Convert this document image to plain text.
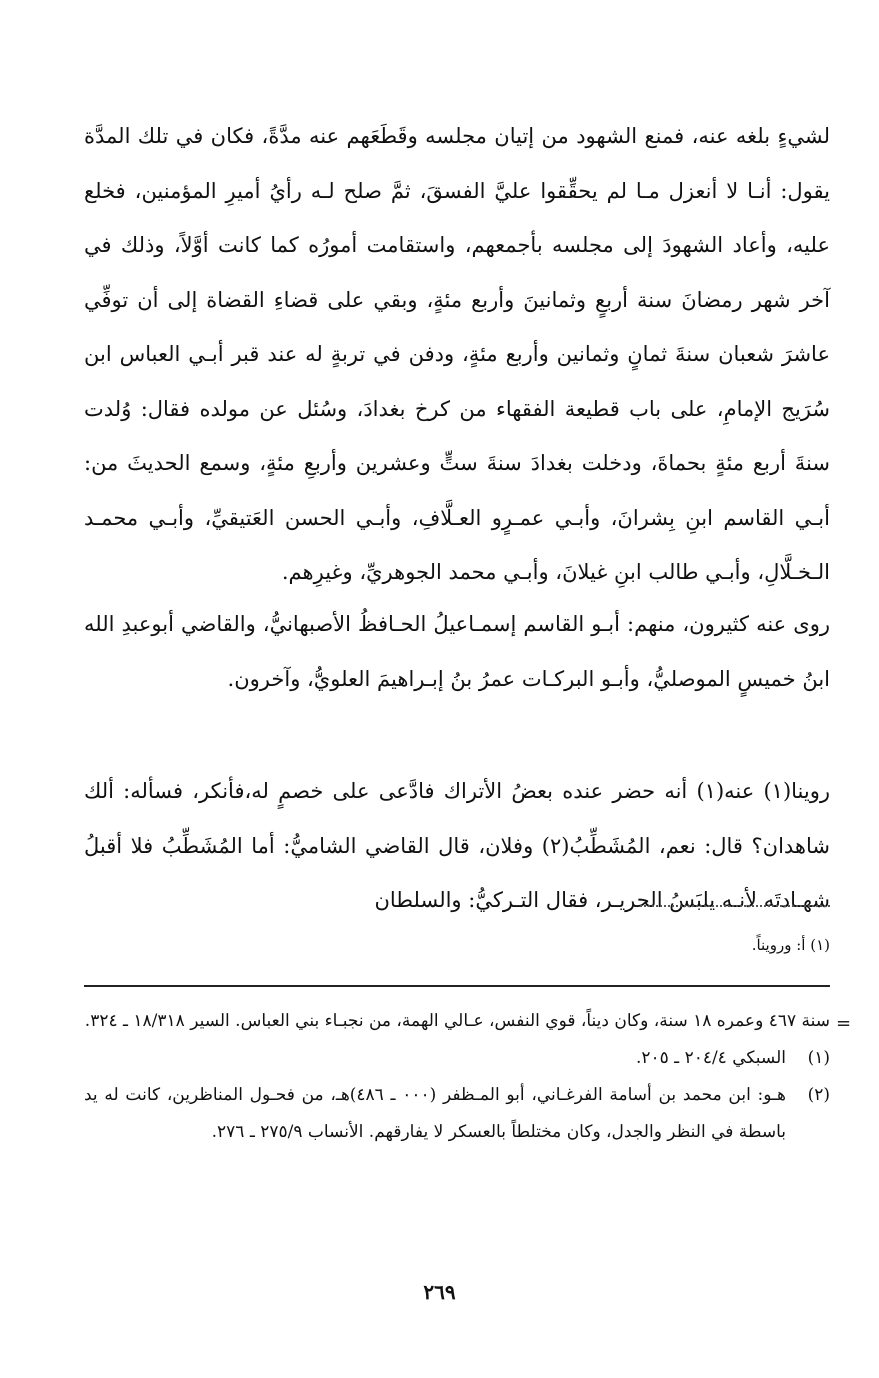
لشيءٍ بلغه عنه، فمنع الشهود من إتيان مجلسه وقَطَعَهم عنه مدَّةً، فكان في تلك المدَّة يقول: أنـا لا أنعزل مـا لم يحقِّقوا عليَّ الفسقَ، ثمَّ صلح لـه رأيُ أميرِ المؤمنين، فخلع عليه، وأعاد الشهودَ إلى مجلسه بأجمعهم، واستقامت أمورُه كما كانت أوَّلاً، وذلك في آخر شهر رمضانَ سنة أربعٍ وثمانينَ وأربع مئةٍ، وبقي على قضاءِ القضاة إلى أن توفِّي عاشرَ شعبان سنةَ ثمانٍ وثمانين وأربع مئةٍ، ودفن في تربةٍ له عند قبر أبـي العباس ابن سُرَيج الإمامِ، على باب قطيعة الفقهاء من كرخ بغدادَ، وسُئل عن مولده فقال: وُلدت سنةَ أربع مئةٍ بحماةَ، ودخلت بغدادَ سنةَ ستٍّ وعشرين وأربعِ مئةٍ، وسمع الحديثَ من: أبـي القاسم ابنِ بِشرانَ، وأبـي عمـرٍو العـلَّافِ، وأبـي الحسن العَتيقيِّ، وأبـي محمـد الـخـلَّالِ، وأبـي طالب ابنِ غيلانَ، وأبـي محمد الجوهريِّ، وغيرِهم.

روى عنه كثيرون، منهم: أبـو القاسم إسمـاعيلُ الحـافظُ الأصبهانيُّ، والقاضي أبوعبدِ الله ابنُ خميسٍ الموصليُّ، وأبـو البركـات عمرُ بنُ إبـراهيمَ العلويُّ، وآخرون.

روينا(١) عنه(١) أنه حضر عنده بعضُ الأتراك فادَّعى على خصمٍ له،فأنكر، فسأله: ألك شاهدان؟ قال: نعم، المُشَطِّبُ(٢) وفلان، قال القاضي الشاميُّ: أما المُشَطِّبُ فلا أقبلُ شهـادتَه لأنـه يلبَسُ الحريـر، فقال التـركيُّ: والسلطان

(١) أ: ورويناً.
=
سنة ٤٦٧ وعمره ١٨ سنة، وكان ديناً، قوي النفس، عـالي الهمة، من نجبـاء بني العباس. السير ١٨/٣١٨ ـ ٣٢٤.
(١)
السبكي ٢٠٤/٤ ـ ٢٠٥.
(٢)
هـو: ابن محمد بن أسامة الفرغـاني، أبو المـظفر (٠٠٠ ـ ٤٨٦)هـ، من فحـول المناظرين، كانت له يد باسطة في النظر والجدل، وكان مختلطاً بالعسكر لا يفارقهم. الأنساب ٢٧٥/٩ ـ ٢٧٦.
٢٦٩
